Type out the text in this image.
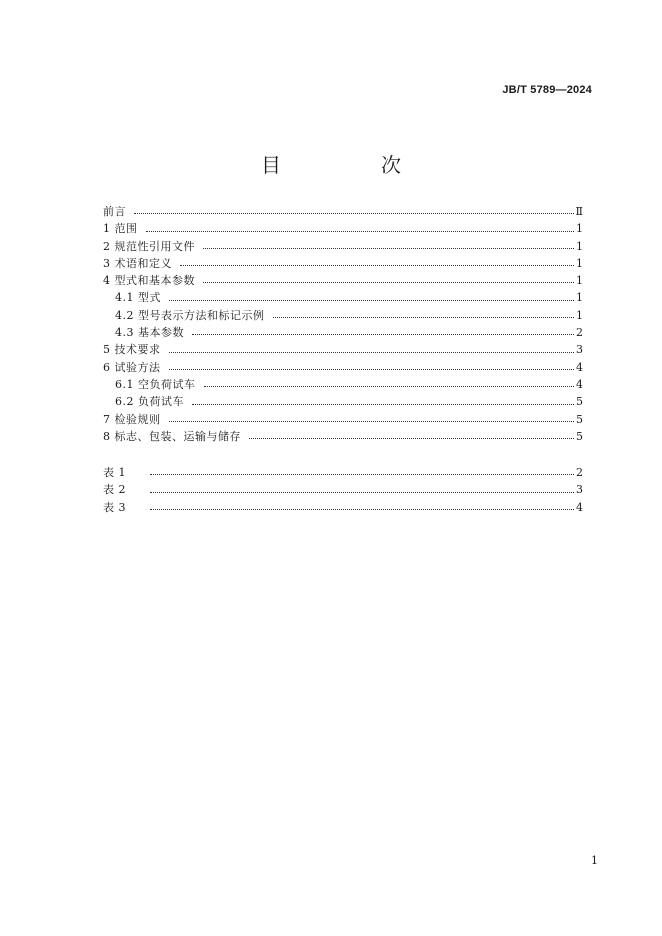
JB/T 5789—2024
目　次
前言	Ⅱ
1 范围	1
2 规范性引用文件	1
3 术语和定义	1
4 型式和基本参数	1
4.1 型式	1
4.2 型号表示方法和标记示例	1
4.3 基本参数	2
5 技术要求	3
6 试验方法	4
6.1 空负荷试车	4
6.2 负荷试车	5
7 检验规则	5
8 标志、包装、运输与储存	5
表 1	2
表 2	3
表 3	4
1
